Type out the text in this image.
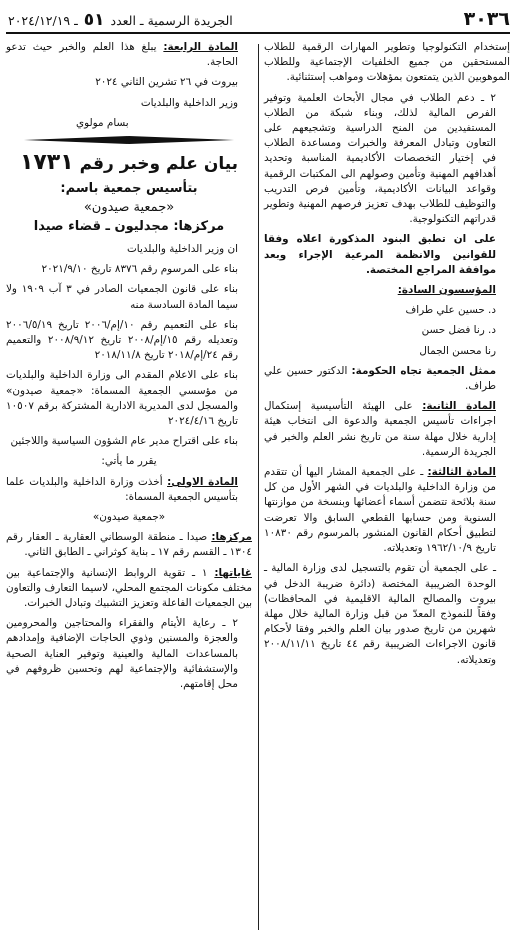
٣٠٣٦
الجريدة الرسمية ـ العدد ٥١ ـ ٢٠٢٤/١٢/١٩

إستخدام التكنولوجيا وتطوير المهارات الرقمية للطلاب المستحقين من جميع الخلفيات الإجتماعية وللطلاب الموهوبين الذين يتمتعون بمؤهلات ومواهب إستثنائية.

٢ ـ دعم الطلاب في مجال الأبحاث العلمية وتوفير الفرص المالية لذلك، وبناء شبكة من الطلاب المستفيدين من المنح الدراسية وتشجيعهم على التعاون وتبادل المعرفة والخبرات ومساعدة الطلاب في إختيار التخصصات الأكاديمية المناسبة وتحديد أهدافهم المهنية وتأمين وصولهم الى المكتبات الرقمية وقواعد البيانات الأكاديمية، وتأمين فرص التدريب والتوظيف للطلاب بهدف تعزيز فرصهم المهنية وتطوير قدراتهم التكنولوجية.

على ان تطبق البنود المذكورة اعلاه وفقا للقوانين والانظمة المرعية الإجراء وبعد موافقة المراجع المختصة.

المؤسسون السادة:

د. حسين علي طراف

د. رنا فضل حسن

رنا محسن الجمال

ممثل الجمعية تجاه الحكومة: الدكتور حسين علي طراف.

المادة الثانية: على الهيئة التأسيسية إستكمال اجراءات تأسيس الجمعية والدعوة الى انتخاب هيئة إدارية خلال مهلة سنة من تاريخ نشر العلم والخبر في الجريدة الرسمية.

المادة الثالثة: ـ على الجمعية المشار اليها أن تتقدم من وزارة الداخلية والبلديات في الشهر الأول من كل سنة بلائحة تتضمن أسماء أعضائها وبنسخة من موازنتها السنوية ومن حسابها القطعي السابق والا تعرضت لتطبيق أحكام القانون المنشور بالمرسوم رقم ١٠٨٣٠ تاريخ ١٩٦٢/١٠/٩ وتعديلاته.

ـ على الجمعية أن تقوم بالتسجيل لدى وزارة المالية ـ الوحدة الضريبية المختصة (دائرة ضريبة الدخل في بيروت والمصالح المالية الاقليمية في المحافظات) وفقاً للنموذج المعدّ من قبل وزارة المالية خلال مهلة شهرين من تاريخ صدور بيان العلم والخبر وفقا لأحكام قانون الاجراءات الضريبية رقم ٤٤ تاريخ ٢٠٠٨/١١/١١ وتعديلاته.

المادة الرابعة: يبلغ هذا العلم والخبر حيث تدعو الحاجة.

بيروت في ٢٦ تشرين الثاني ٢٠٢٤

وزير الداخلية والبلديات

بسام مولوي

بيان علم وخبر رقم ١٧٣١
بتأسيس جمعية باسم:
«جمعية صيدون»
مركزها: مجدليون ـ قضاء صيدا

ان وزير الداخلية والبلديات

بناء على المرسوم رقم ٨٣٧٦ تاريخ ٢٠٢١/٩/١٠

بناء على قانون الجمعيات الصادر في ٣ آب ١٩٠٩ ولا سيما المادة السادسة منه

بناء على التعميم رقم ١٠/إم/٢٠٠٦ تاريخ ٢٠٠٦/٥/١٩ وتعديله رقم ١٥/إم/٢٠٠٨ تاريخ ٢٠٠٨/٩/١٢ والتعميم رقم ٢٤/إم/٢٠١٨ تاريخ ٢٠١٨/١١/٨

بناء على الاعلام المقدم الى وزارة الداخلية والبلديات من مؤسسي الجمعية المسماة: «جمعية صيدون» والمسجل لدى المديرية الادارية المشتركة برقم ١٠٥٠٧ تاريخ ٢٠٢٤/٤/١٦

بناء على اقتراح مدير عام الشؤون السياسية واللاجئين

يقرر ما يأتي:

المادة الاولى: أخذت وزارة الداخلية والبلديات علما بتأسيس الجمعية المسماة:

«جمعية صيدون»

مركزها: صيدا ـ منطقة الوسطاني العقارية ـ العقار رقم ١٣٠٤ ـ القسم رقم ١٧ ـ بناية كوثراني ـ الطابق الثاني.

غاياتها: ١ ـ تقوية الروابط الإنسانية والإجتماعية بين مختلف مكونات المجتمع المحلي، لاسيما التعارف والتعاون بين الجمعيات الفاعلة وتعزيز التشبيك وتبادل الخبرات.

٢ ـ رعاية الأيتام والفقراء والمحتاجين والمحرومين والعجزة والمسنين وذوي الحاجات الإضافية وإمدادهم بالمساعدات المالية والعينية وتوفير العناية الصحية والإستشفائية والإجتماعية لهم وتحسين ظروفهم في محل إقامتهم.
